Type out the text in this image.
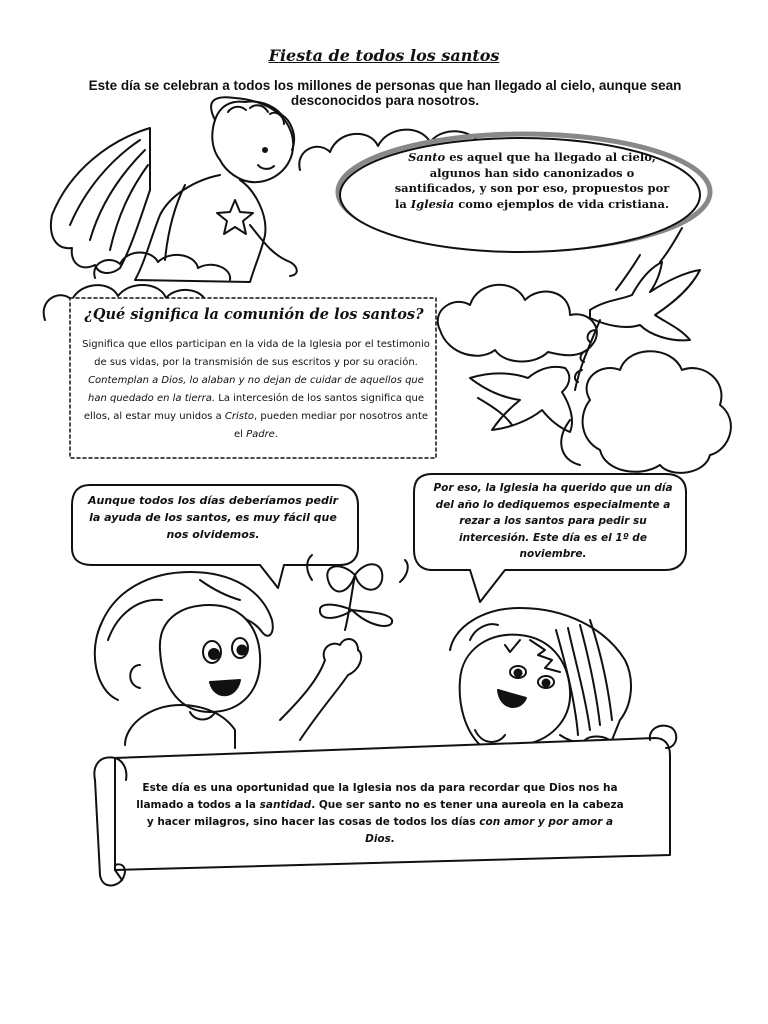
Fiesta de todos los santos
Este día se celebran a todos los millones de personas que han llegado al cielo, aunque sean desconocidos para nosotros.
Santo es aquel que ha llegado al cielo, algunos han sido canonizados o santificados, y son por eso, propuestos por la Iglesia como ejemplos de vida cristiana.
¿Qué significa la comunión de los santos?
Significa que ellos participan en la vida de la Iglesia por el testimonio de sus vidas, por la transmisión de sus escritos y por su oración. Contemplan a Dios, lo alaban y no dejan de cuidar de aquellos que han quedado en la tierra. La intercesión de los santos significa que ellos, al estar muy unidos a Cristo, pueden mediar por nosotros ante el Padre.
Aunque todos los días deberíamos pedir la ayuda de los santos, es muy fácil que nos olvidemos.
Por eso, la Iglesia ha querido que un día del año lo dediquemos especialmente a rezar a los santos para pedir su intercesión. Este día es el 1º de noviembre.
Este día es una oportunidad que la Iglesia nos da para recordar que Dios nos ha llamado a todos a la santidad. Que ser santo no es tener una aureola en la cabeza y hacer milagros, sino hacer las cosas de todos los días con amor y por amor a Dios.
